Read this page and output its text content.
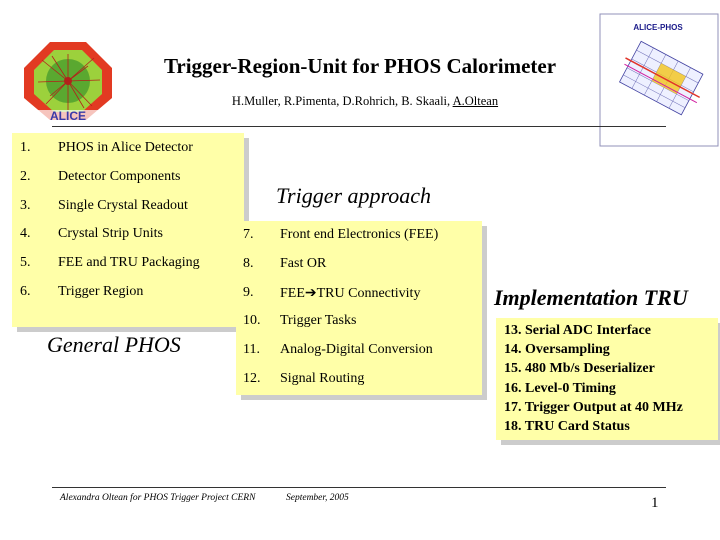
ALICE
Trigger-Region-Unit for PHOS Calorimeter
H.Muller, R.Pimenta, D.Rohrich, B. Skaali, A.Oltean
ALICE-PHOS
1. PHOS in Alice Detector
2. Detector Components
3. Single Crystal Readout
4. Crystal Strip Units
5. FEE and TRU Packaging
6. Trigger Region
General PHOS
Trigger approach
7. Front end Electronics (FEE)
8. Fast OR
9. FEE➔TRU Connectivity
10. Trigger Tasks
11. Analog-Digital Conversion
12. Signal Routing
Implementation TRU
13. Serial ADC Interface
14. Oversampling
15. 480 Mb/s Deserializer
16. Level-0 Timing
17. Trigger Output at 40 MHz
18. TRU Card Status
Alexandra Oltean for PHOS Trigger Project CERN	September, 2005	1
